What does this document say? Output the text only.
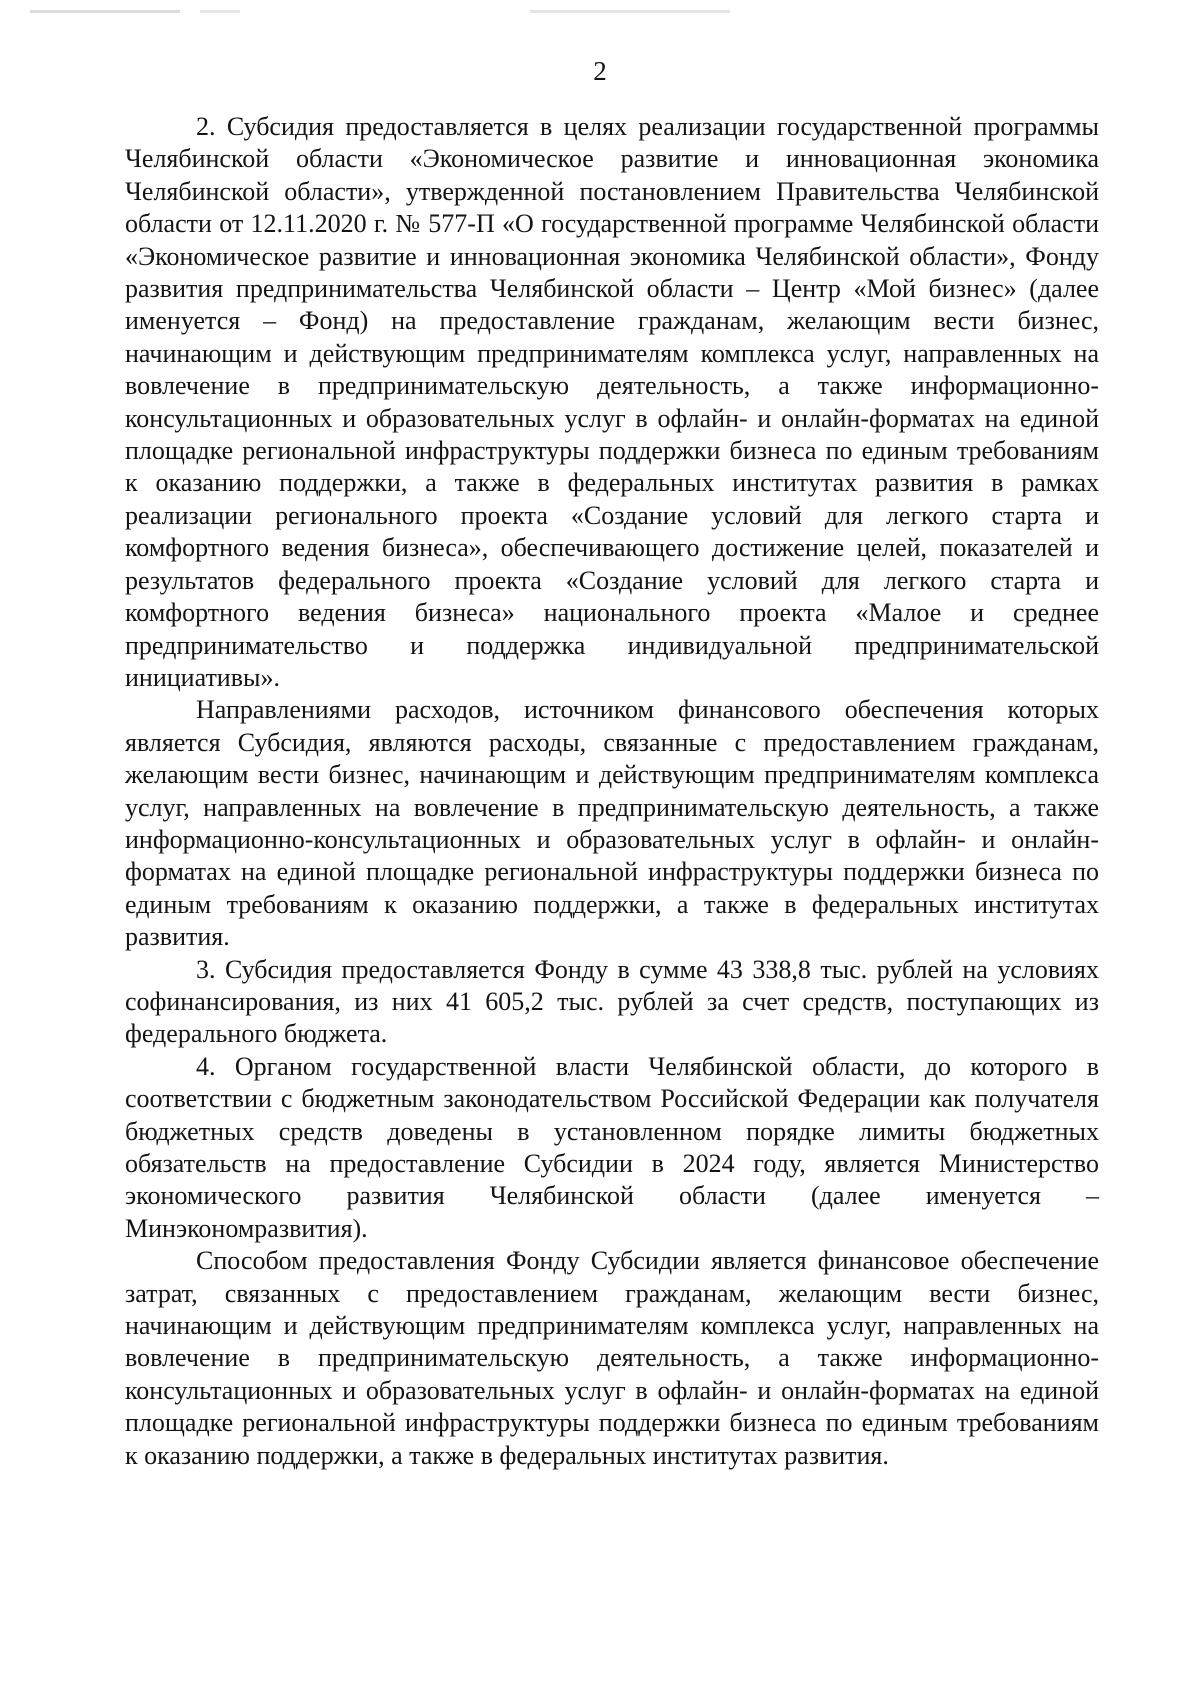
2

2. Субсидия предоставляется в целях реализации государственной программы Челябинской области «Экономическое развитие и инновационная экономика Челябинской области», утвержденной постановлением Правительства Челябинской области от 12.11.2020 г. № 577-П «О государственной программе Челябинской области «Экономическое развитие и инновационная экономика Челябинской области», Фонду развития предпринимательства Челябинской области – Центр «Мой бизнес» (далее именуется – Фонд) на предоставление гражданам, желающим вести бизнес, начинающим и действующим предпринимателям комплекса услуг, направленных на вовлечение в предпринимательскую деятельность, а также информационно-консультационных и образовательных услуг в офлайн- и онлайн-форматах на единой площадке региональной инфраструктуры поддержки бизнеса по единым требованиям к оказанию поддержки, а также в федеральных институтах развития в рамках реализации регионального проекта «Создание условий для легкого старта и комфортного ведения бизнеса», обеспечивающего достижение целей, показателей и результатов федерального проекта «Создание условий для легкого старта и комфортного ведения бизнеса» национального проекта «Малое и среднее предпринимательство и поддержка индивидуальной предпринимательской инициативы».

Направлениями расходов, источником финансового обеспечения которых является Субсидия, являются расходы, связанные с предоставлением гражданам, желающим вести бизнес, начинающим и действующим предпринимателям комплекса услуг, направленных на вовлечение в предпринимательскую деятельность, а также информационно-консультационных и образовательных услуг в офлайн- и онлайн-форматах на единой площадке региональной инфраструктуры поддержки бизнеса по единым требованиям к оказанию поддержки, а также в федеральных институтах развития.

3. Субсидия предоставляется Фонду в сумме 43 338,8 тыс. рублей на условиях софинансирования, из них 41 605,2 тыс. рублей за счет средств, поступающих из федерального бюджета.

4. Органом государственной власти Челябинской области, до которого в соответствии с бюджетным законодательством Российской Федерации как получателя бюджетных средств доведены в установленном порядке лимиты бюджетных обязательств на предоставление Субсидии в 2024 году, является Министерство экономического развития Челябинской области (далее именуется – Минэкономразвития).

Способом предоставления Фонду Субсидии является финансовое обеспечение затрат, связанных с предоставлением гражданам, желающим вести бизнес, начинающим и действующим предпринимателям комплекса услуг, направленных на вовлечение в предпринимательскую деятельность, а также информационно-консультационных и образовательных услуг в офлайн- и онлайн-форматах на единой площадке региональной инфраструктуры поддержки бизнеса по единым требованиям к оказанию поддержки, а также в федеральных институтах развития.
